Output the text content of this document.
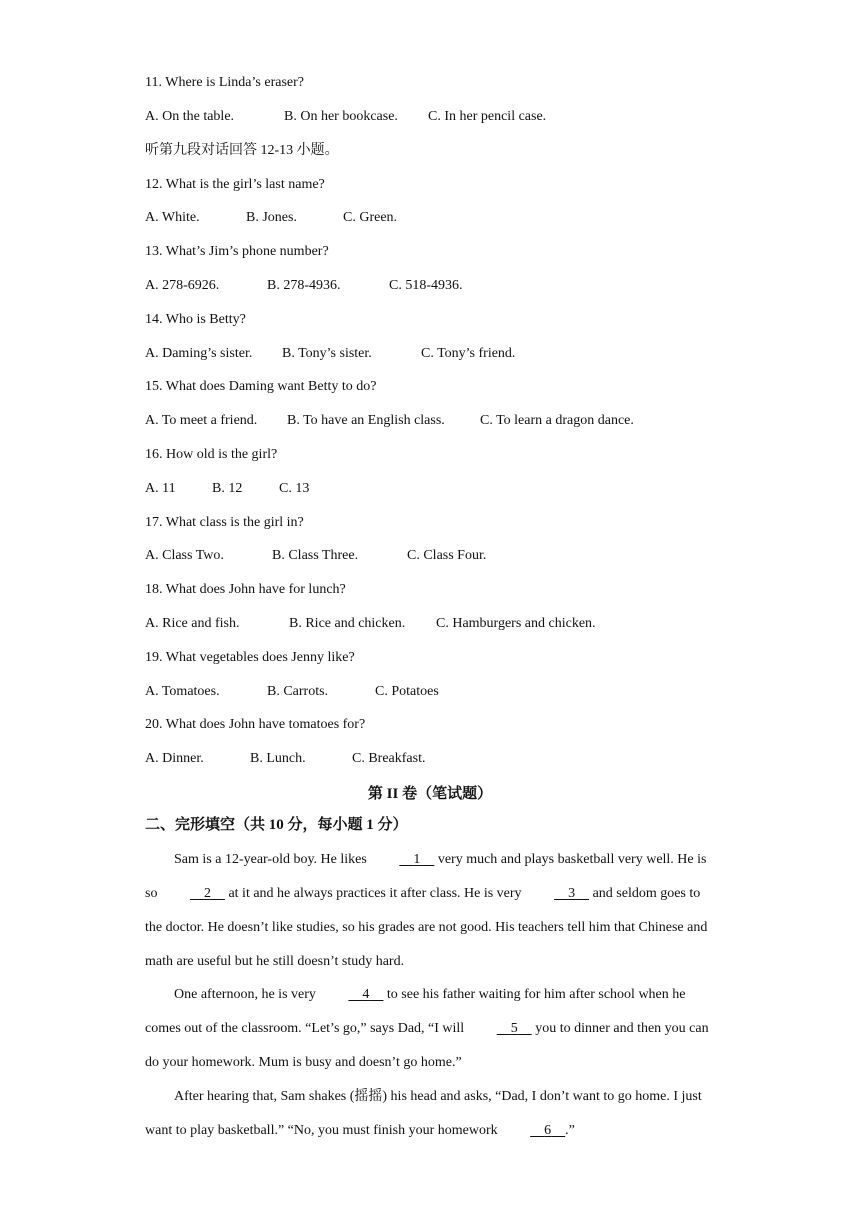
11. Where is Linda’s eraser?
A. On the table.	B. On her bookcase. C. In her pencil case.
听第九段对话回答 12-13 小题。
12. What is the girl’s last name?
A. White.	B. Jones.	C. Green.
13. What’s Jim’s phone number?
A. 278-6926.	B. 278-4936.	C. 518-4936.
14. Who is Betty?
A. Daming’s sister. B. Tony’s sister.	C. Tony’s friend.
15. What does Daming want Betty to do?
A. To meet a friend. B. To have an English class.	C. To learn a dragon dance.
16. How old is the girl?
A. 11	B. 12	C. 13
17. What class is the girl in?
A. Class Two.	B. Class Three.	C. Class Four.
18. What does John have for lunch?
A. Rice and fish.	B. Rice and chicken. C. Hamburgers and chicken.
19. What vegetables does Jenny like?
A. Tomatoes.	B. Carrots.	C. Potatoes
20. What does John have tomatoes for?
A. Dinner.	B. Lunch.	C. Breakfast.
第 II 卷（笔试题）
二、完形填空（共 10 分，每小题 1 分）
Sam is a 12-year-old boy. He likes	1     very much and plays basketball very well. He is so	2     at it and he always practices it after class. He is very	3     and seldom goes to the doctor. He doesn’t like studies, so his grades are not good. His teachers tell him that Chinese and math are useful but he still doesn’t study hard.
One afternoon, he is very	4     to see his father waiting for him after school when he comes out of the classroom. “Let’s go,” says Dad, “I will	5     you to dinner and then you can do your homework. Mum is busy and doesn’t go home.”
After hearing that, Sam shakes (摇摇) his head and asks, “Dad, I don’t want to go home. I just want to play basketball.” “No, you must finish your homework	6 .”
